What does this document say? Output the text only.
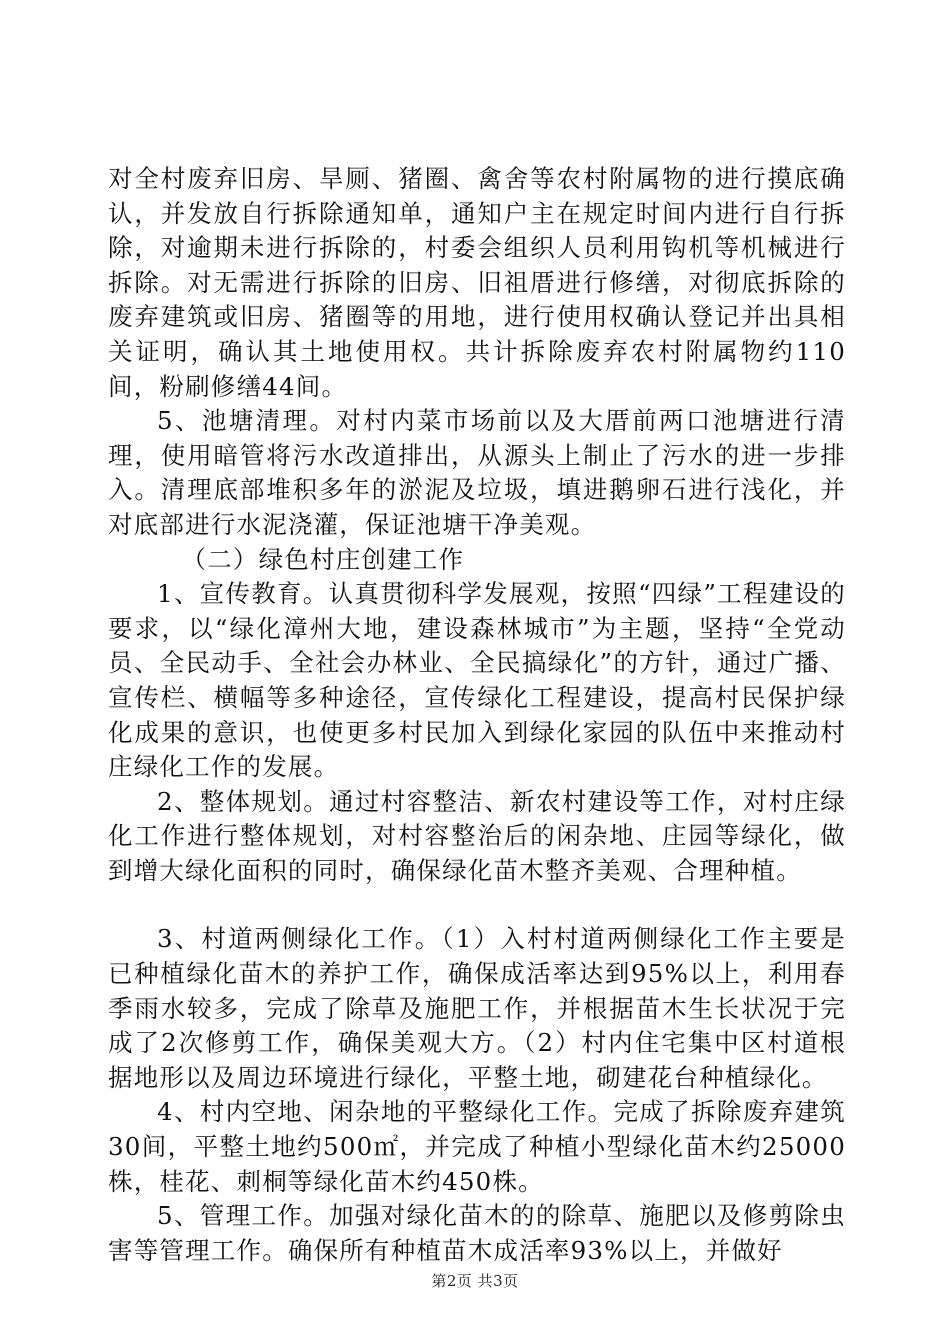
对全村废弃旧房、旱厕、猪圈、禽舍等农村附属物的进行摸底确认，并发放自行拆除通知单，通知户主在规定时间内进行自行拆除，对逾期未进行拆除的，村委会组织人员利用钩机等机械进行拆除。对无需进行拆除的旧房、旧祖厝进行修缮，对彻底拆除的废弃建筑或旧房、猪圈等的用地，进行使用权确认登记并出具相关证明，确认其土地使用权。共计拆除废弃农村附属物约110间，粉刷修缮44间。

5、池塘清理。对村内菜市场前以及大厝前两口池塘进行清理，使用暗管将污水改道排出，从源头上制止了污水的进一步排入。清理底部堆积多年的淤泥及垃圾，填进鹅卵石进行浅化，并对底部进行水泥浇灌，保证池塘干净美观。

（二）绿色村庄创建工作

1、宣传教育。认真贯彻科学发展观，按照“四绿”工程建设的要求，以“绿化漳州大地，建设森林城市”为主题，坚持“全党动员、全民动手、全社会办林业、全民搞绿化”的方针，通过广播、宣传栏、横幅等多种途径，宣传绿化工程建设，提高村民保护绿化成果的意识，也使更多村民加入到绿化家园的队伍中来推动村庄绿化工作的发展。

2、整体规划。通过村容整洁、新农村建设等工作，对村庄绿化工作进行整体规划，对村容整治后的闲杂地、庄园等绿化，做到增大绿化面积的同时，确保绿化苗木整齐美观、合理种植。

3、村道两侧绿化工作。（1）入村村道两侧绿化工作主要是已种植绿化苗木的养护工作，确保成活率达到95%以上，利用春季雨水较多，完成了除草及施肥工作，并根据苗木生长状况于完成了2次修剪工作，确保美观大方。（2）村内住宅集中区村道根据地形以及周边环境进行绿化，平整土地，砌建花台种植绿化。

4、村内空地、闲杂地的平整绿化工作。完成了拆除废弃建筑30间，平整土地约500㎡，并完成了种植小型绿化苗木约25000株，桂花、刺桐等绿化苗木约450株。

5、管理工作。加强对绿化苗木的的除草、施肥以及修剪除虫害等管理工作。确保所有种植苗木成活率93%以上，并做好

第2页 共3页
